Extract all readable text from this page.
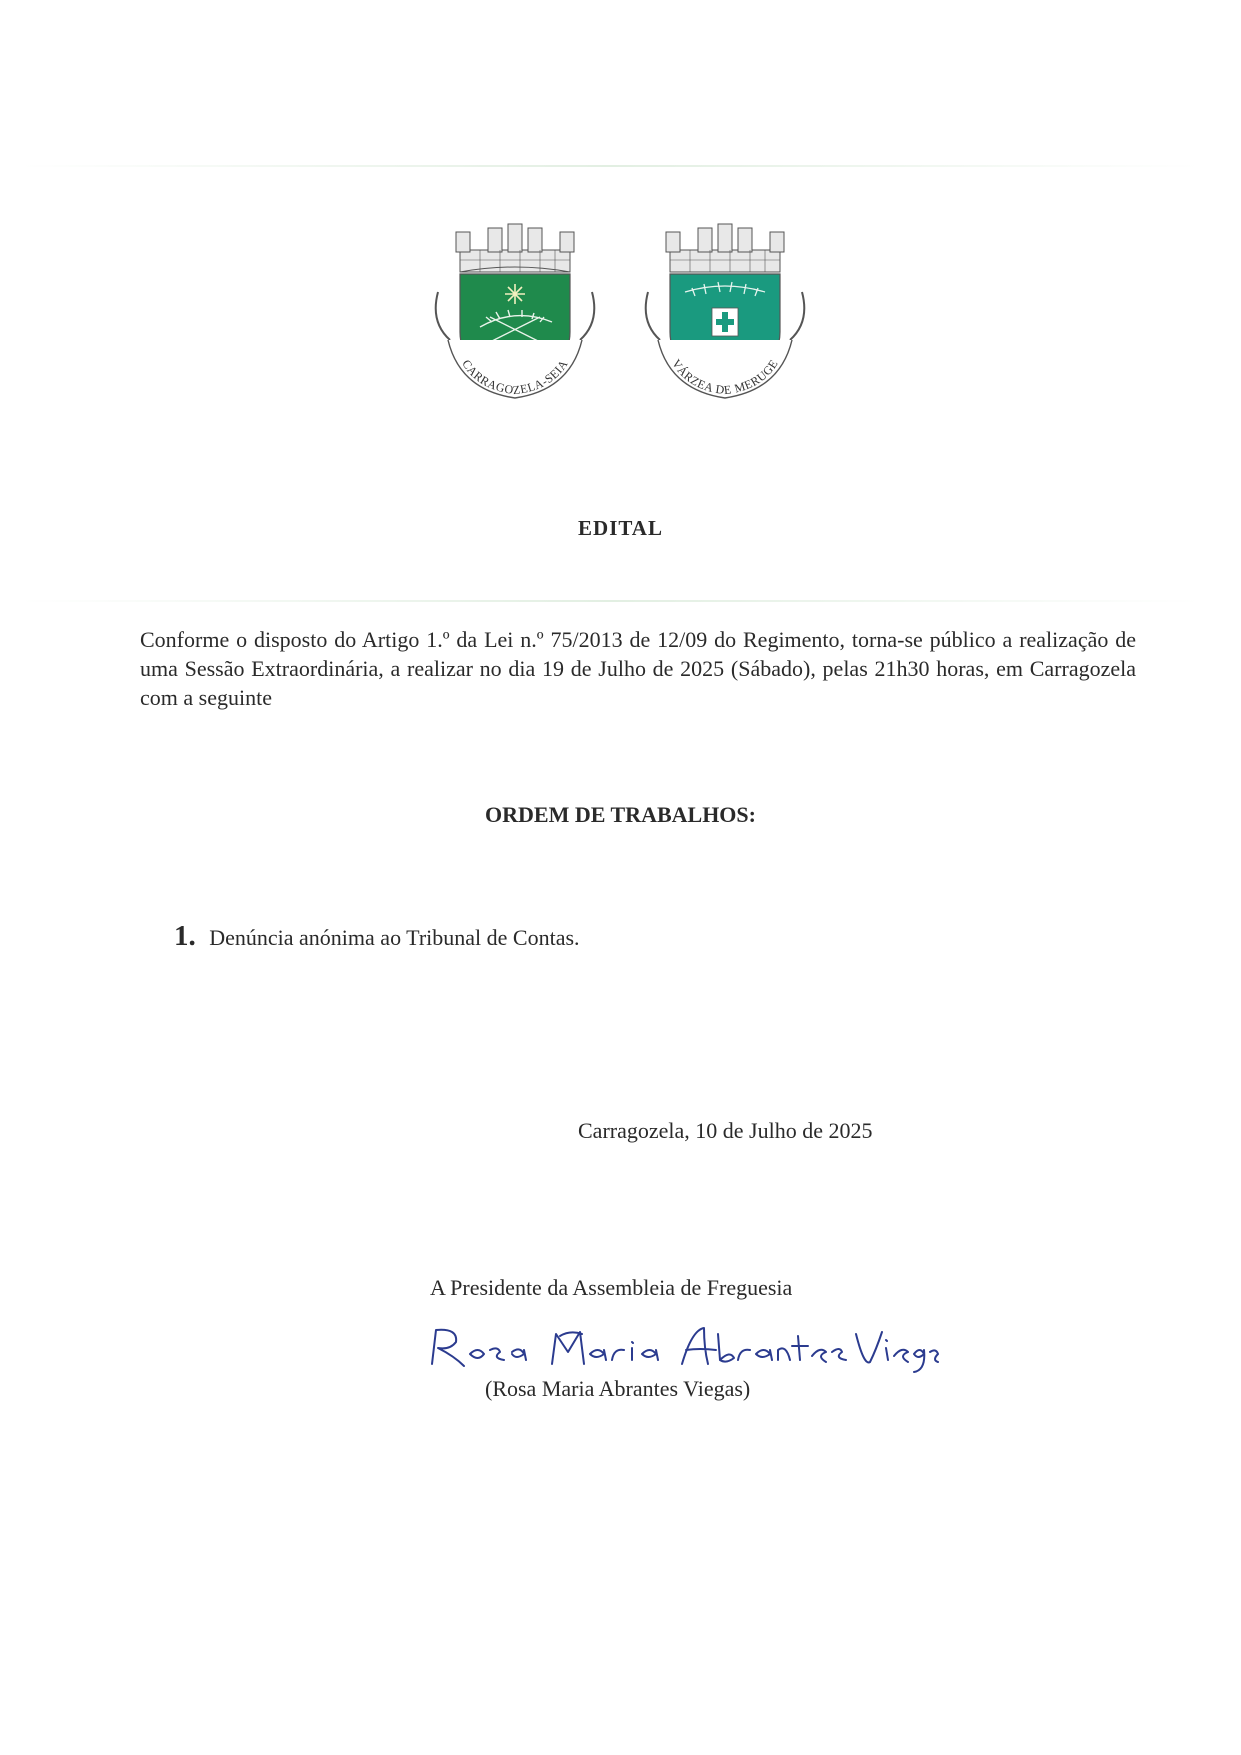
CARRAGOZELA-SEIA	VÁRZEA DE MERUGE
EDITAL
Conforme o disposto do Artigo 1.º da Lei n.º 75/2013 de 12/09 do Regimento, torna-se público a realização de uma Sessão Extraordinária, a realizar no dia 19 de Julho de 2025 (Sábado), pelas 21h30 horas, em Carragozela com a seguinte
ORDEM DE TRABALHOS:
1. Denúncia anónima ao Tribunal de Contas.
Carragozela, 10 de Julho de 2025
A Presidente da Assembleia de Freguesia
(Rosa Maria Abrantes Viegas)
